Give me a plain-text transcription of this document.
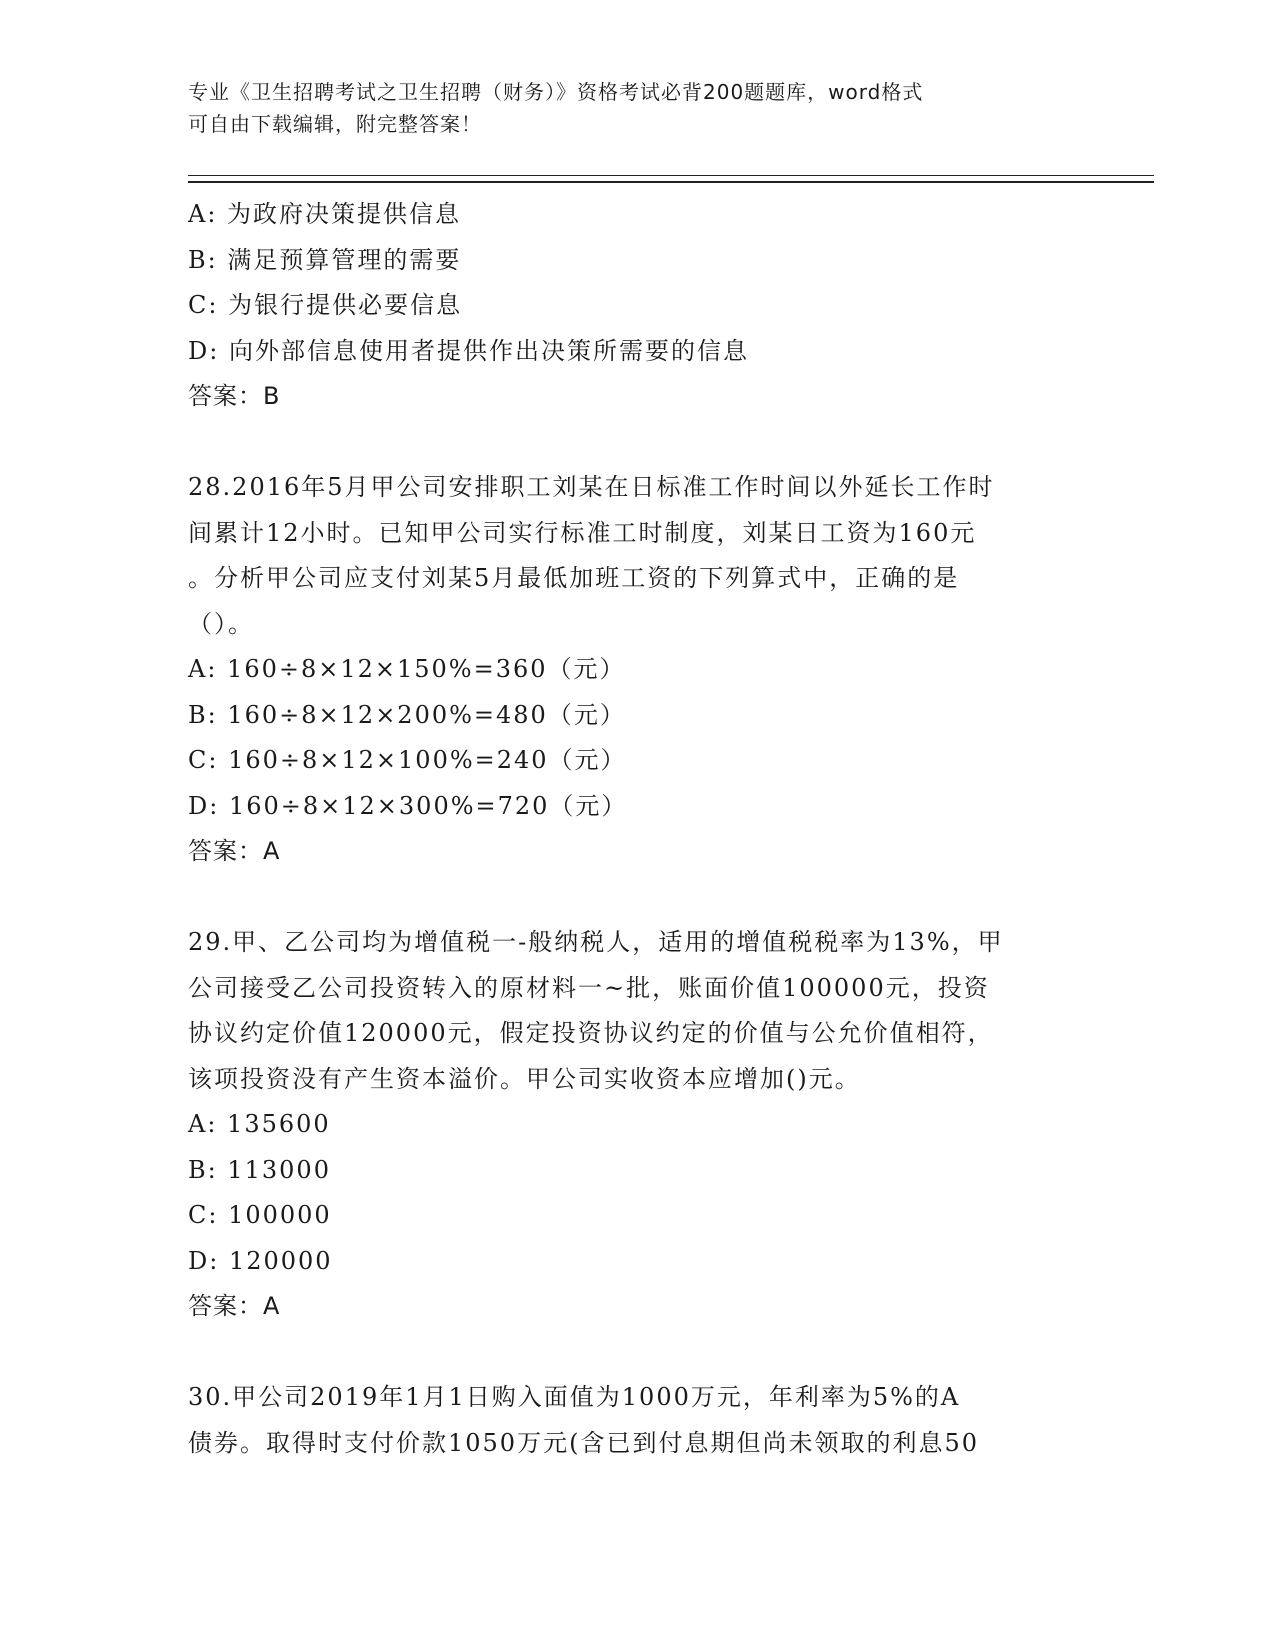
专业《卫生招聘考试之卫生招聘（财务）》资格考试必背200题题库，word格式
可自由下载编辑，附完整答案！
A: 为政府决策提供信息
B: 满足预算管理的需要
C: 为银行提供必要信息
D: 向外部信息使用者提供作出决策所需要的信息
答案：B
28.2016年5月甲公司安排职工刘某在日标准工作时间以外延长工作时
间累计12小时。已知甲公司实行标准工时制度，刘某日工资为160元
。分析甲公司应支付刘某5月最低加班工资的下列算式中，正确的是
（）。
A: 160÷8×12×150%=360（元）
B: 160÷8×12×200%=480（元）
C: 160÷8×12×100%=240（元）
D: 160÷8×12×300%=720（元）
答案：A
29.甲、乙公司均为增值税一-般纳税人，适用的增值税税率为13%，甲
公司接受乙公司投资转入的原材料一~批，账面价值100000元，投资
协议约定价值120000元，假定投资协议约定的价值与公允价值相符，
该项投资没有产生资本溢价。甲公司实收资本应增加()元。
A: 135600
B: 113000
C: 100000
D: 120000
答案：A
30.甲公司2019年1月1日购入面值为1000万元，年利率为5%的A
债券。取得时支付价款1050万元(含已到付息期但尚未领取的利息50
